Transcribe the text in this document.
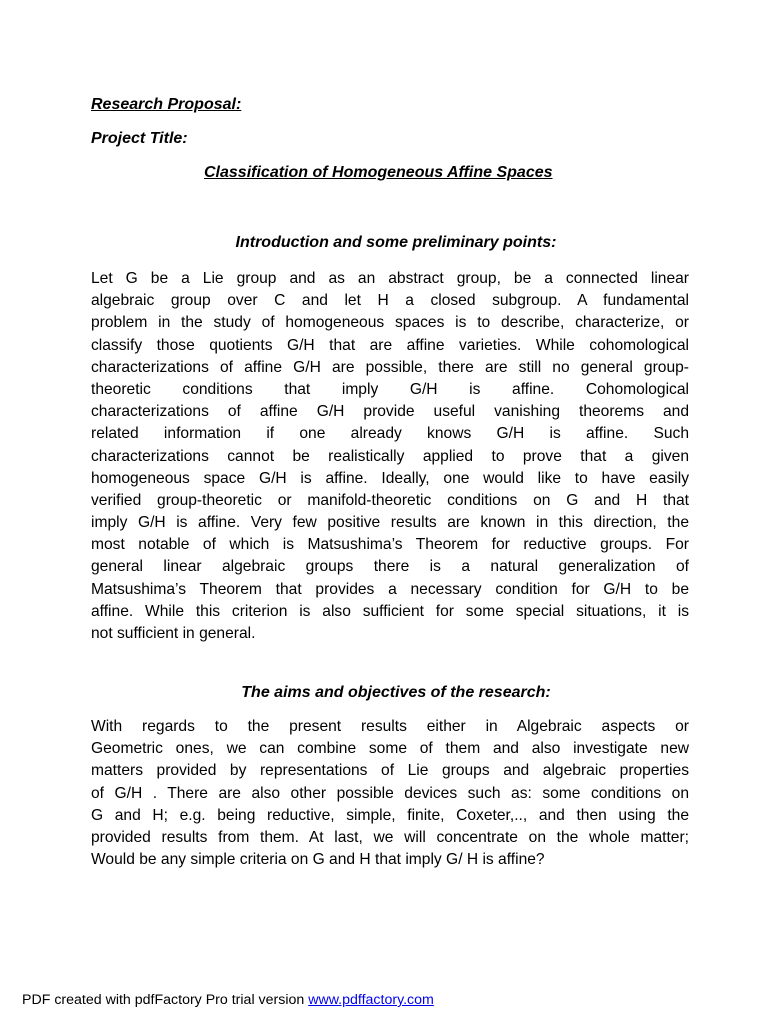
Research Proposal:
Project Title:
Classification of Homogeneous Affine Spaces
Introduction and some preliminary points:
Let G be a Lie group and as an abstract group, be a connected linear
algebraic group over C and let H a closed subgroup. A fundamental
problem in the study of homogeneous spaces is to describe, characterize, or
classify those quotients G/H that are affine varieties. While cohomological
characterizations of affine G/H are possible, there are still no general group-
theoretic conditions that imply G/H is affine. Cohomological
characterizations of affine G/H provide useful vanishing theorems and
related information if one already knows G/H is affine. Such
characterizations cannot be realistically applied to prove that a given
homogeneous space G/H is affine. Ideally, one would like to have easily
verified group-theoretic or manifold-theoretic conditions on G and H that
imply G/H is affine. Very few positive results are known in this direction, the
most notable of which is Matsushima’s Theorem for reductive groups. For
general linear algebraic groups there is a natural generalization of
Matsushima’s Theorem that provides a necessary condition for G/H to be
affine. While this criterion is also sufficient for some special situations, it is
not sufficient in general.
The aims and objectives of the research:
With regards to the present results either in Algebraic aspects or
Geometric ones, we can combine some of them and also investigate new
matters provided by representations of Lie groups and algebraic properties
of G/H . There are also other possible devices such as: some conditions on
G and H; e.g. being reductive, simple, finite, Coxeter,.., and then using the
provided results from them. At last, we will concentrate on the whole matter;
Would be any simple criteria on G and H that imply G/ H is affine?
PDF created with pdfFactory Pro trial version www.pdffactory.com
